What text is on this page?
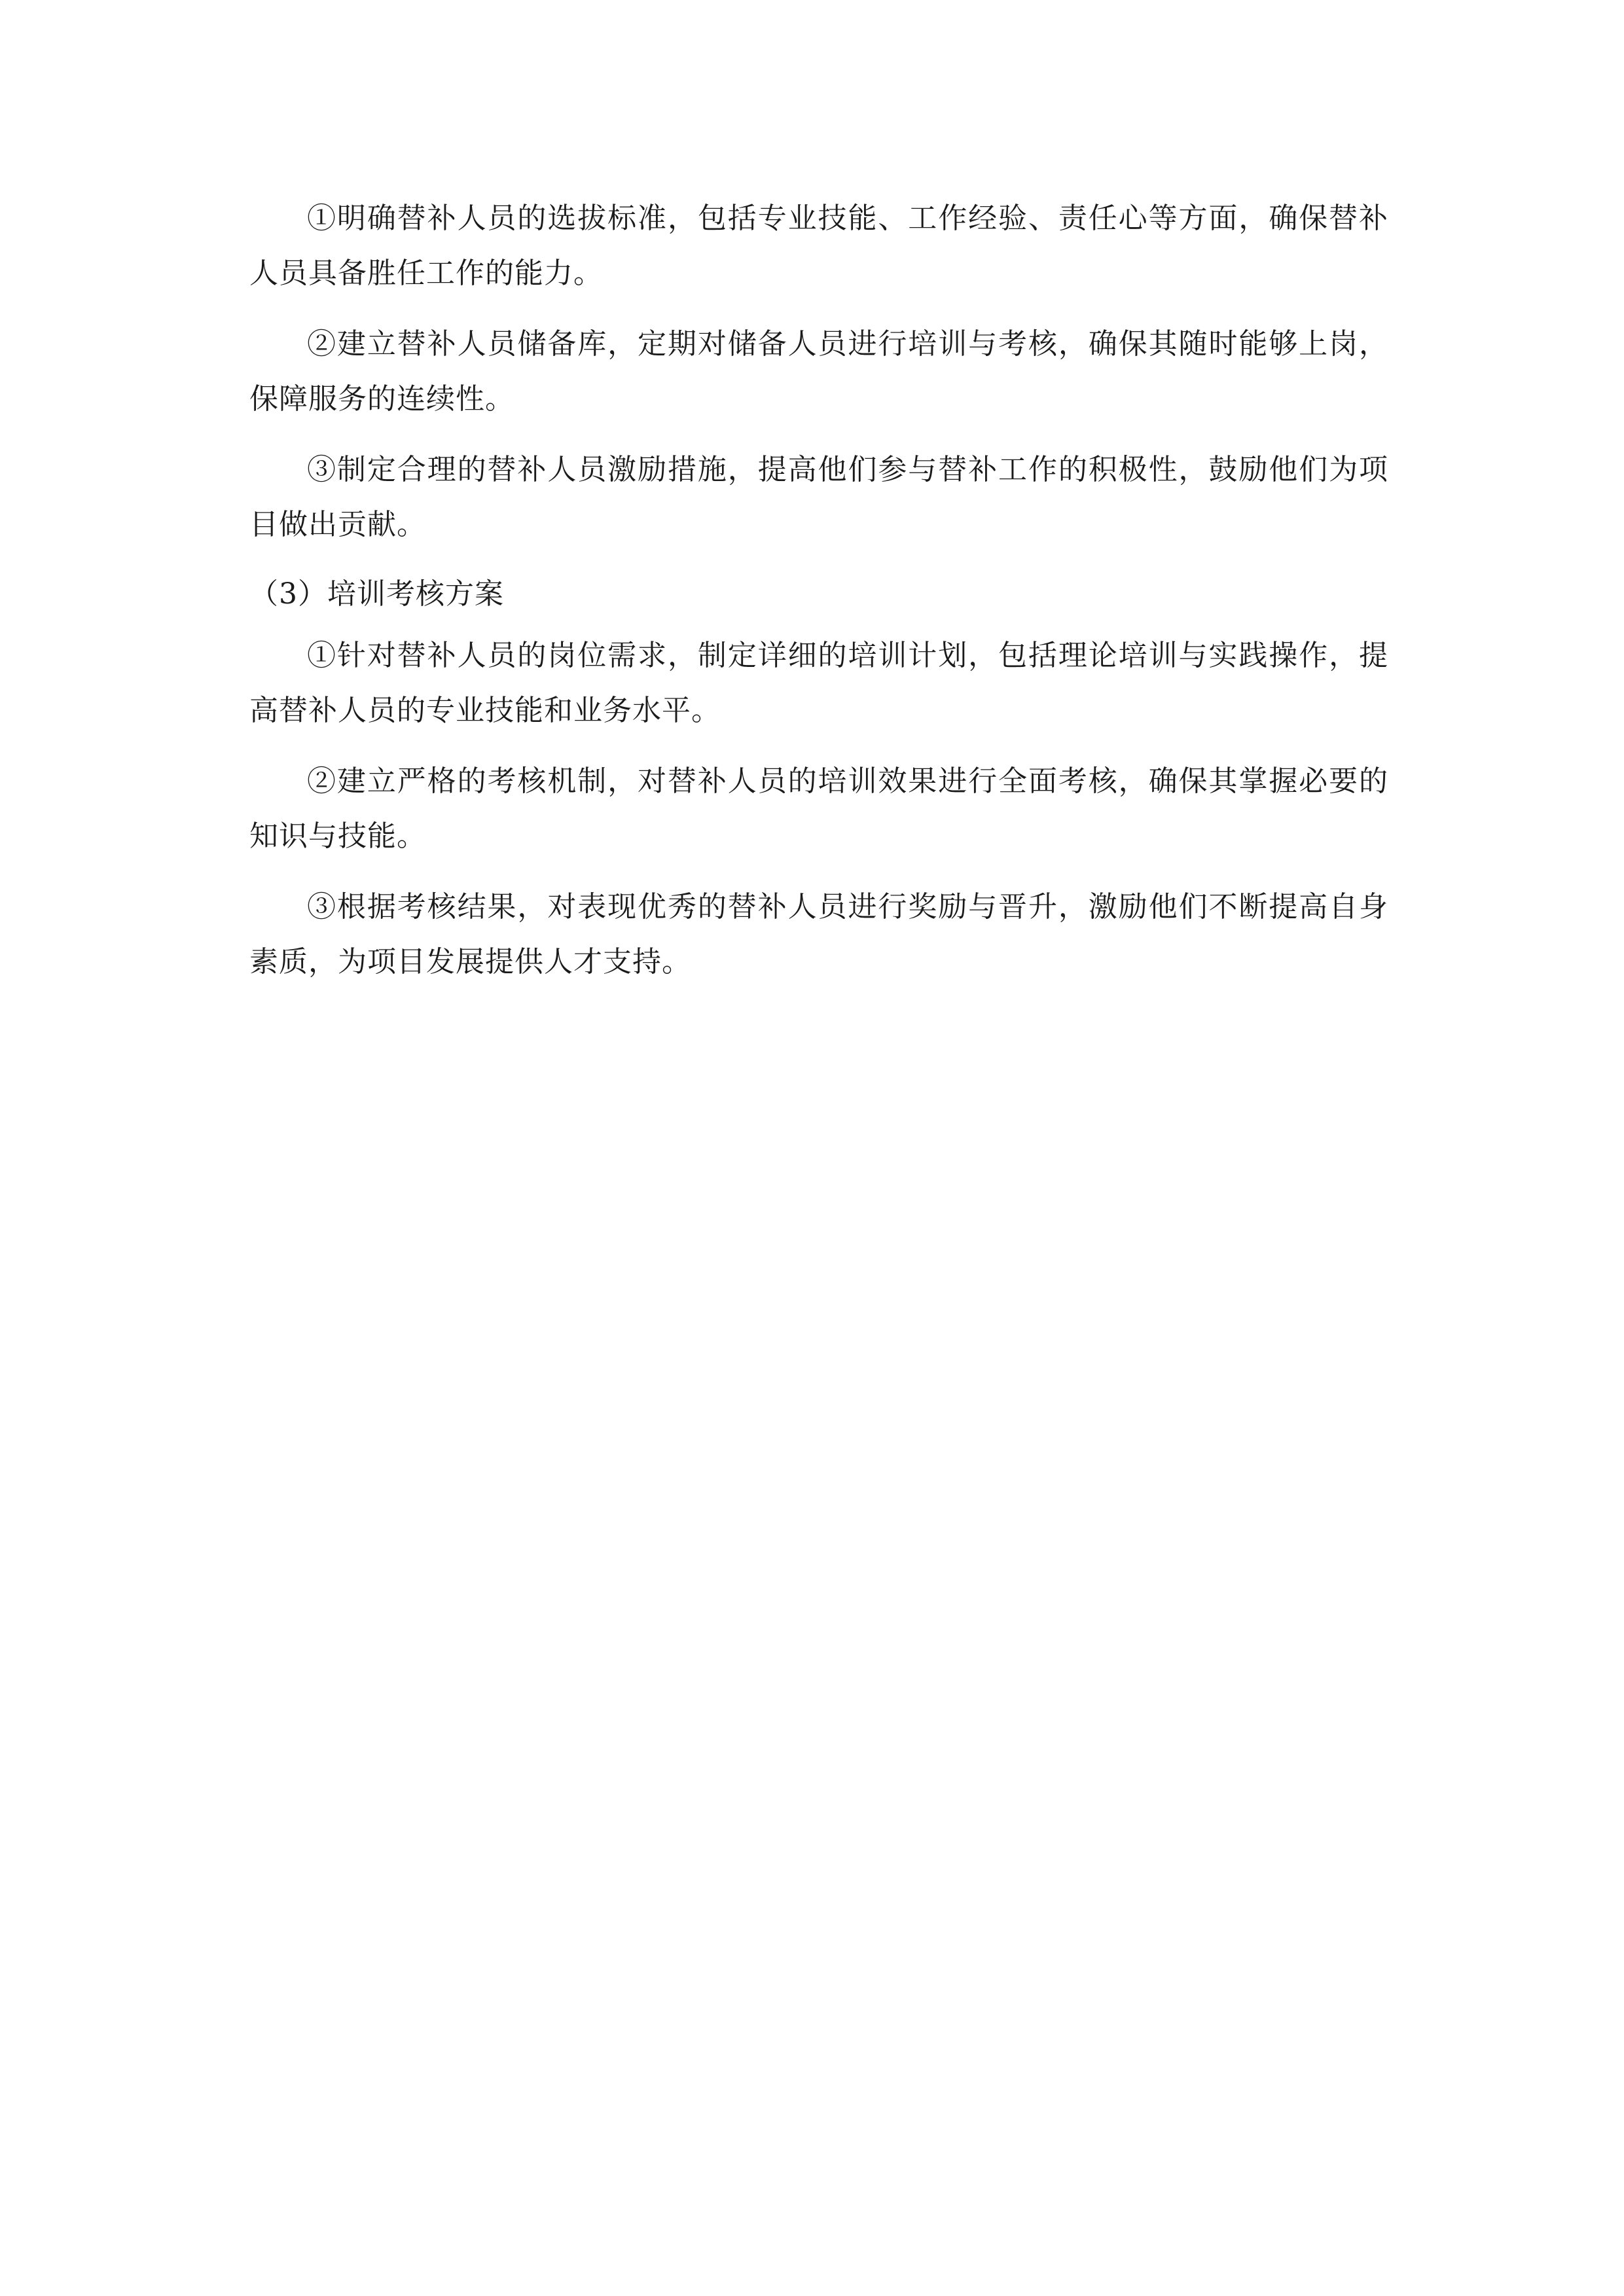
①明确替补人员的选拔标准，包括专业技能、工作经验、责任心等方面，确保替补人员具备胜任工作的能力。

②建立替补人员储备库，定期对储备人员进行培训与考核，确保其随时能够上岗，保障服务的连续性。

③制定合理的替补人员激励措施，提高他们参与替补工作的积极性，鼓励他们为项目做出贡献。

（3）培训考核方案

①针对替补人员的岗位需求，制定详细的培训计划，包括理论培训与实践操作，提高替补人员的专业技能和业务水平。

②建立严格的考核机制，对替补人员的培训效果进行全面考核，确保其掌握必要的知识与技能。

③根据考核结果，对表现优秀的替补人员进行奖励与晋升，激励他们不断提高自身素质，为项目发展提供人才支持。
